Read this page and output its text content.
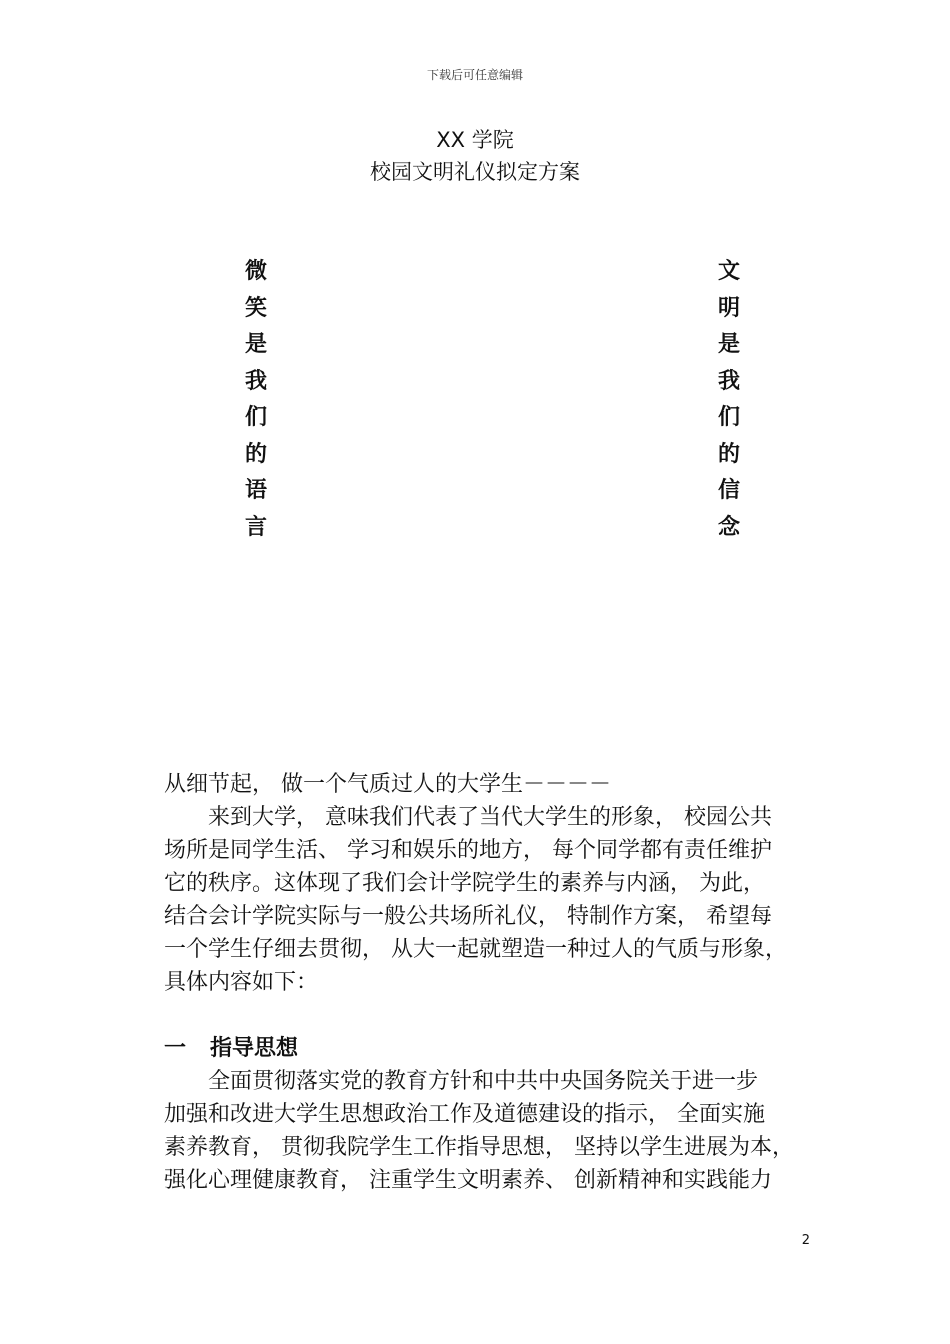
下载后可任意编辑
XX 学院
校园文明礼仪拟定方案
微
笑
是
我
们
的
语
言
文
明
是
我
们
的
信
念

从细节起， 做一个气质过人的大学生－－－－

来到大学， 意味我们代表了当代大学生的形象， 校园公共

场所是同学生活、 学习和娱乐的地方， 每个同学都有责任维护

它的秩序。这体现了我们会计学院学生的素养与内涵， 为此，

结合会计学院实际与一般公共场所礼仪， 特制作方案， 希望每

一个学生仔细去贯彻， 从大一起就塑造一种过人的气质与形象，

具体内容如下：

一 指导思想

全面贯彻落实党的教育方针和中共中央国务院关于进一步

加强和改进大学生思想政治工作及道德建设的指示， 全面实施

素养教育， 贯彻我院学生工作指导思想， 坚持以学生进展为本，

强化心理健康教育， 注重学生文明素养、 创新精神和实践能力

2
